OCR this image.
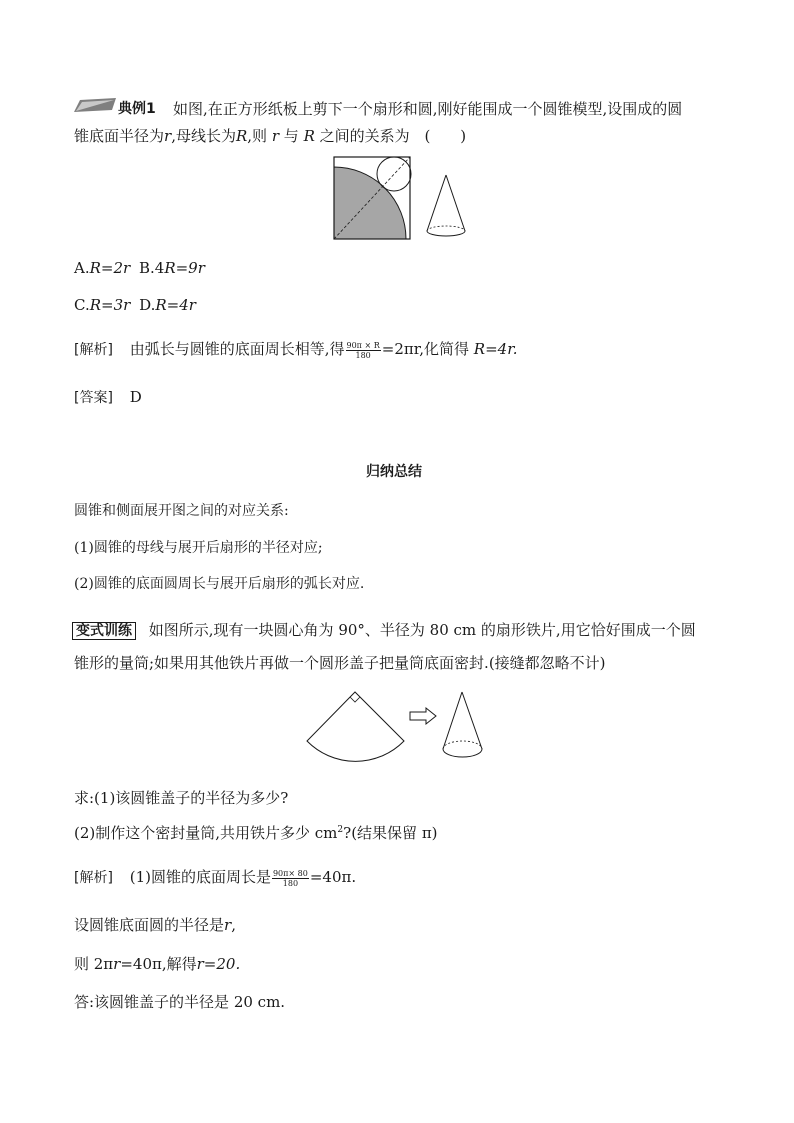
典例1 如图,在正方形纸板上剪下一个扇形和圆,刚好能围成一个圆锥模型,设围成的圆
锥底面半径为r,母线长为R,则 r 与 R 之间的关系为 (　　)
A.R=2r B.4R=9r
C.R=3r D.R=4r
[解析] 由弧长与圆锥的底面周长相等,得 $\frac{90\pi \times R}{180} =2\pi r$,化简得 R=4r.
[答案] D
归纳总结
圆锥和侧面展开图之间的对应关系:
(1)圆锥的母线与展开后扇形的半径对应;
(2)圆锥的底面圆周长与展开后扇形的弧长对应.
变式训练 如图所示,现有一块圆心角为 90°、半径为 80 cm 的扇形铁片,用它恰好围成一个圆
锥形的量筒;如果用其他铁片再做一个圆形盖子把量筒底面密封.(接缝都忽略不计)
求:(1)该圆锥盖子的半径为多少?
(2)制作这个密封量筒,共用铁片多少 $cm^2$?(结果保留 π)
[解析] (1)圆锥的底面周长是 $\frac{90\pi\times 80}{180} =40\pi$.
设圆锥底面圆的半径是r,
则 2πr=40π,解得r=20.
答:该圆锥盖子的半径是 20 cm.
